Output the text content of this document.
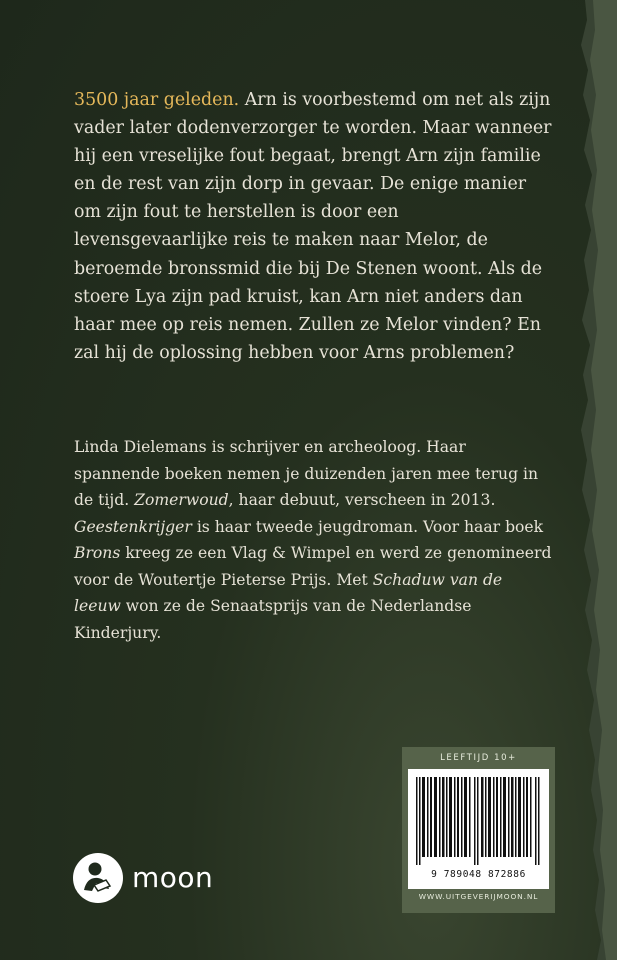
3500 jaar geleden. Arn is voorbestemd om net als zijn vader later dodenverzorger te worden. Maar wanneer hij een vreselijke fout begaat, brengt Arn zijn familie en de rest van zijn dorp in gevaar. De enige manier om zijn fout te herstellen is door een levensgevaarlijke reis te maken naar Melor, de beroemde bronssmid die bij De Stenen woont. Als de stoere Lya zijn pad kruist, kan Arn niet anders dan haar mee op reis nemen. Zullen ze Melor vinden? En zal hij de oplossing hebben voor Arns problemen?

Linda Dielemans is schrijver en archeoloog. Haar spannende boeken nemen je duizenden jaren mee terug in de tijd. Zomerwoud, haar debuut, verscheen in 2013. Geestenkrijger is haar tweede jeugdroman. Voor haar boek Brons kreeg ze een Vlag & Wimpel en werd ze genomineerd voor de Woutertje Pieterse Prijs. Met Schaduw van de leeuw won ze de Senaatsprijs van de Nederlandse Kinderjury.

LEEFTIJD 10+
9 789048 872886
WWW.UITGEVERIJMOON.NL
moon
